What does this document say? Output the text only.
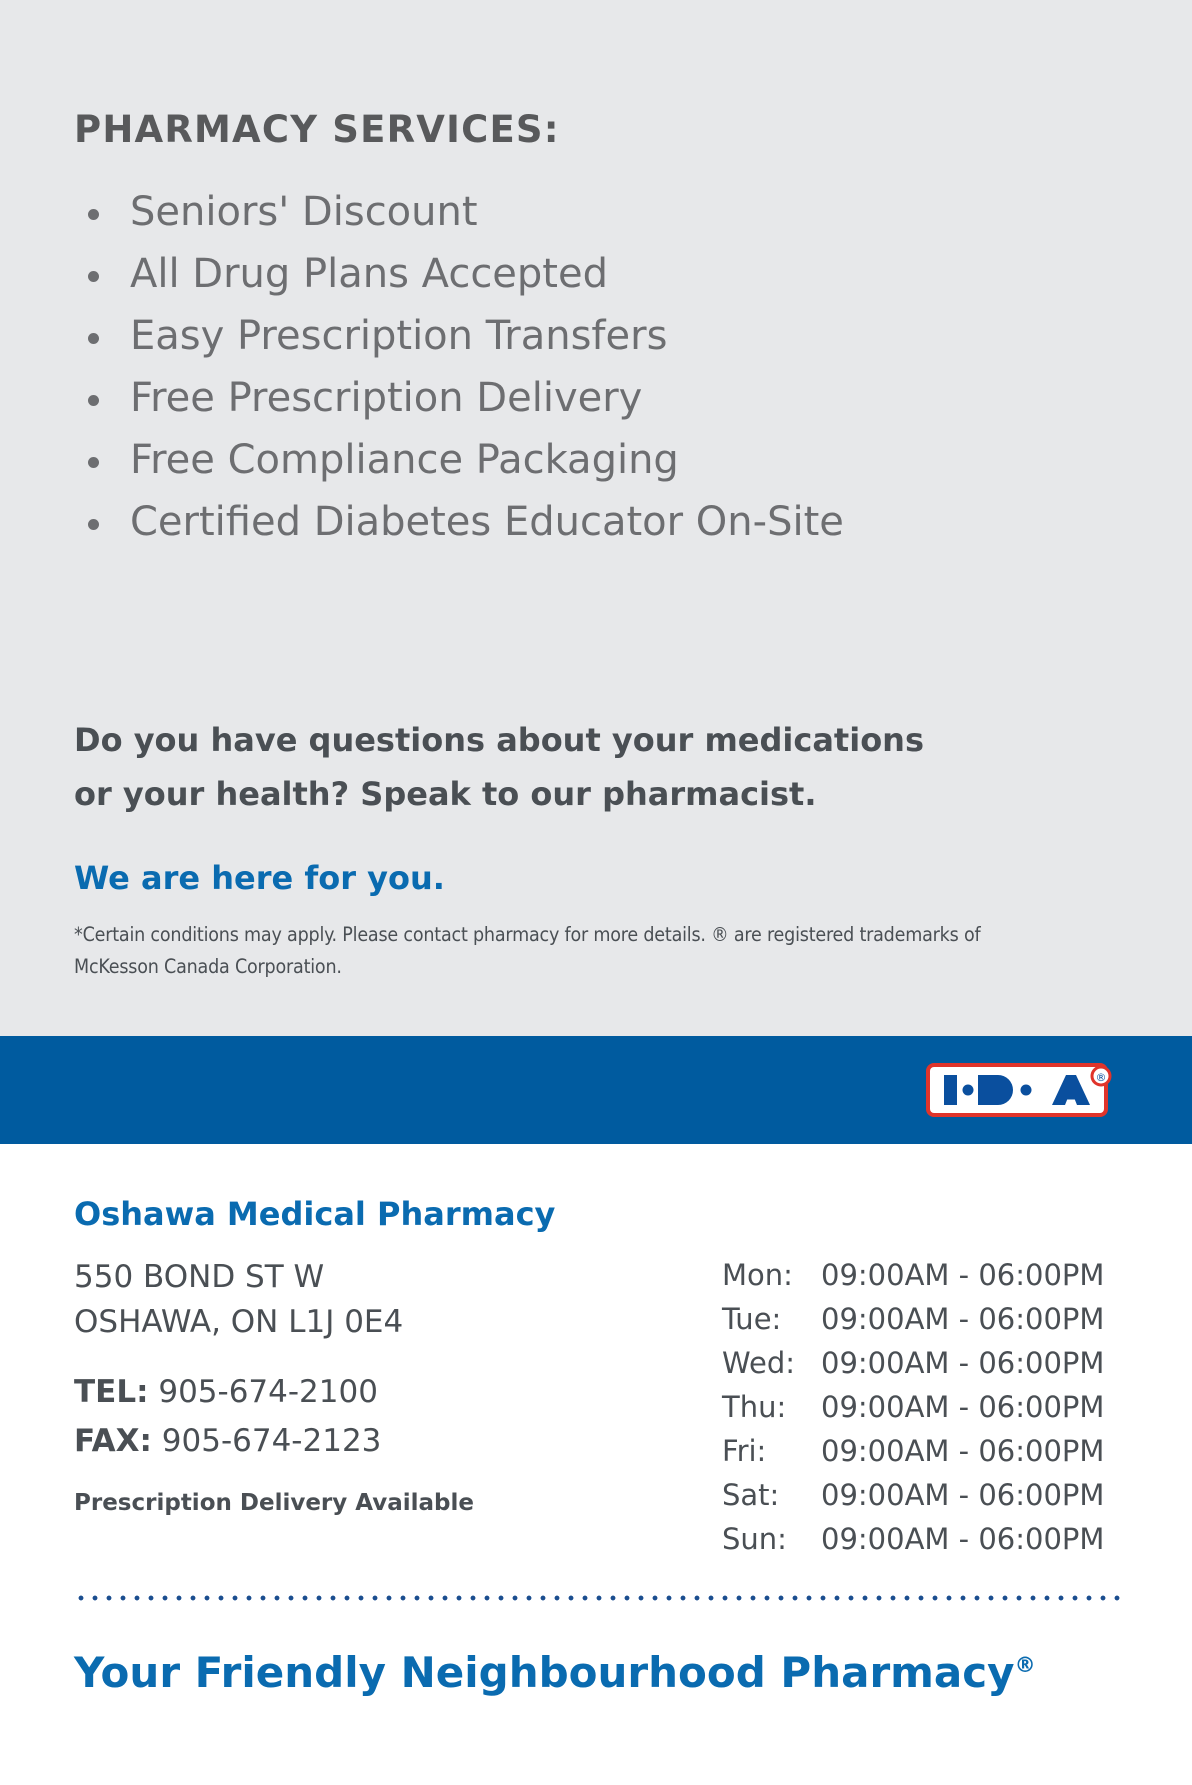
PHARMACY SERVICES:
Seniors' Discount
All Drug Plans Accepted
Easy Prescription Transfers
Free Prescription Delivery
Free Compliance Packaging
Certified Diabetes Educator On-Site
Do you have questions about your medications
or your health? Speak to our pharmacist.
We are here for you.
*Certain conditions may apply. Please contact pharmacy for more details. ® are registered trademarks of McKesson Canada Corporation.
®
Oshawa Medical Pharmacy
550 BOND ST W
OSHAWA, ON L1J 0E4
TEL: 905-674-2100
FAX: 905-674-2123
Prescription Delivery Available
Mon:	09:00AM - 06:00PM
Tue:	09:00AM - 06:00PM
Wed:	09:00AM - 06:00PM
Thu:	09:00AM - 06:00PM
Fri:	09:00AM - 06:00PM
Sat:	09:00AM - 06:00PM
Sun:	09:00AM - 06:00PM
Your Friendly Neighbourhood Pharmacy®
